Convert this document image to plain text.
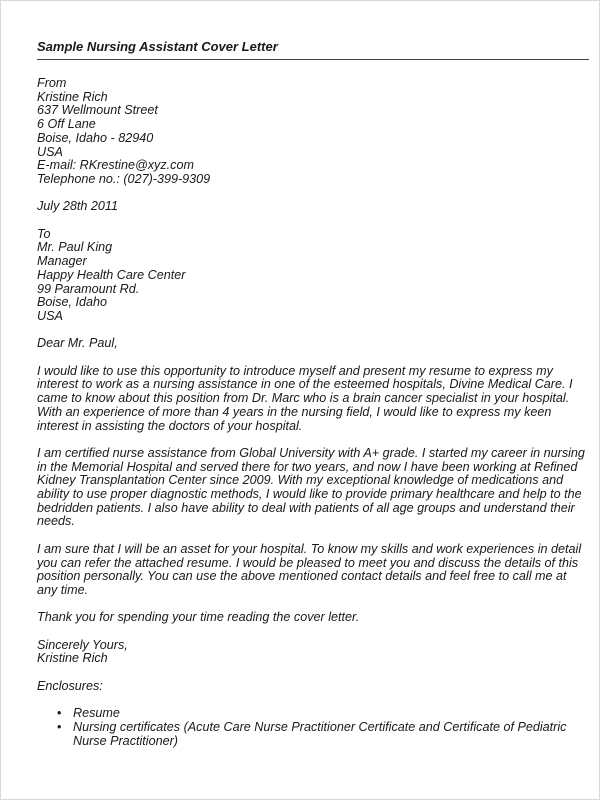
Sample Nursing Assistant Cover Letter
From
Kristine Rich
637 Wellmount Street
6 Off Lane
Boise, Idaho - 82940
USA
E-mail: RKrestine@xyz.com
Telephone no.: (027)-399-9309
July 28th 2011
To
Mr. Paul King
Manager
Happy Health Care Center
99 Paramount Rd.
Boise, Idaho
USA
Dear Mr. Paul,
I would like to use this opportunity to introduce myself and present my resume to express my
interest to work as a nursing assistance in one of the esteemed hospitals, Divine Medical Care. I
came to know about this position from Dr. Marc who is a brain cancer specialist in your hospital.
With an experience of more than 4 years in the nursing field, I would like to express my keen
interest in assisting the doctors of your hospital.
I am certified nurse assistance from Global University with A+ grade. I started my career in nursing
in the Memorial Hospital and served there for two years, and now I have been working at Refined
Kidney Transplantation Center since 2009. With my exceptional knowledge of medications and
ability to use proper diagnostic methods, I would like to provide primary healthcare and help to the
bedridden patients. I also have ability to deal with patients of all age groups and understand their
needs.
I am sure that I will be an asset for your hospital. To know my skills and work experiences in detail
you can refer the attached resume. I would be pleased to meet you and discuss the details of this
position personally. You can use the above mentioned contact details and feel free to call me at
any time.
Thank you for spending your time reading the cover letter.
Sincerely Yours,
Kristine Rich
Enclosures:
• Resume
• Nursing certificates (Acute Care Nurse Practitioner Certificate and Certificate of Pediatric
Nurse Practitioner)
